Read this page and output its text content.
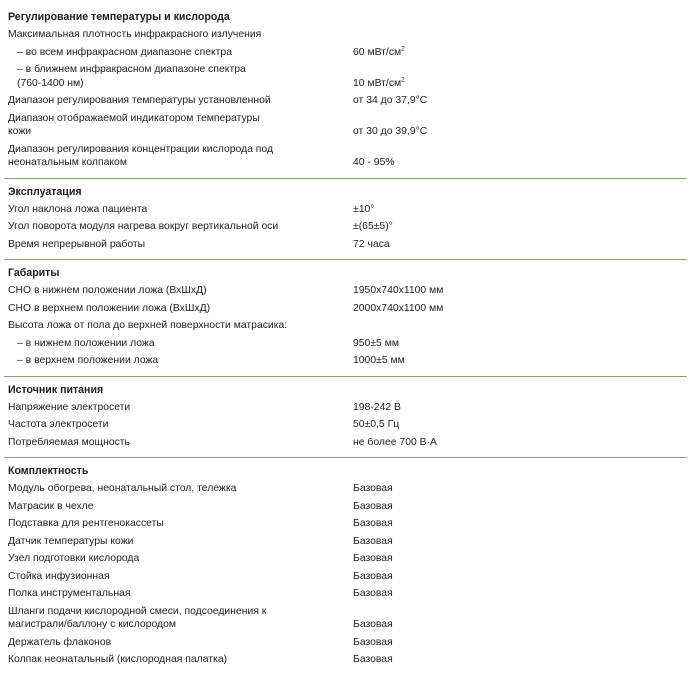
Регулирование температуры и кислорода
Максимальная плотность инфракрасного излучения
– во всем инфракрасном диапазоне спектра	60 мВт/$см^2$
– в ближнем инфракрасном диапазоне спектра
(760-1400 нм)	10 мВт/$см^2$
Диапазон регулирования температуры установленной	от 34 до 37,9°С
Диапазон отображаемой индикатором температуры
кожи	от 30 до 39,9°С
Диапазон регулирования концентрации кислорода под
неонатальным колпаком	40 - 95%
Эксплуатация
Угол наклона ложа пациента	±10°
Угол поворота модуля нагрева вокруг вертикальной оси	±(65±5)°
Время непрерывной работы	72 часа
Габариты
СНО в нижнем положении ложа (ВхШхД)	1950х740х1100 мм
СНО в верхнем положении ложа (ВхШхД)	2000х740х1100 мм
Высота ложа от пола до верхней поверхности матрасика:
– в нижнем положении ложа	950±5 мм
– в верхнем положении ложа	1000±5 мм
Источник питания
Напряжение электросети	198-242 В
Частота электросети	50±0,5 Гц
Потребляемая мощность	не более 700 В·А
Комплектность
Модуль обогрева, неонатальный стол, тележка	Базовая
Матрасик в чехле	Базовая
Подставка для рентгенокассеты	Базовая
Датчик температуры кожи	Базовая
Узел подготовки кислорода	Базовая
Стойка инфузионная	Базовая
Полка инструментальная	Базовая
Шланги подачи кислородной смеси, подсоединения к
магистрали/баллону с кислородом	Базовая
Держатель флаконов	Базовая
Колпак неонатальный (кислородная палатка)	Базовая
